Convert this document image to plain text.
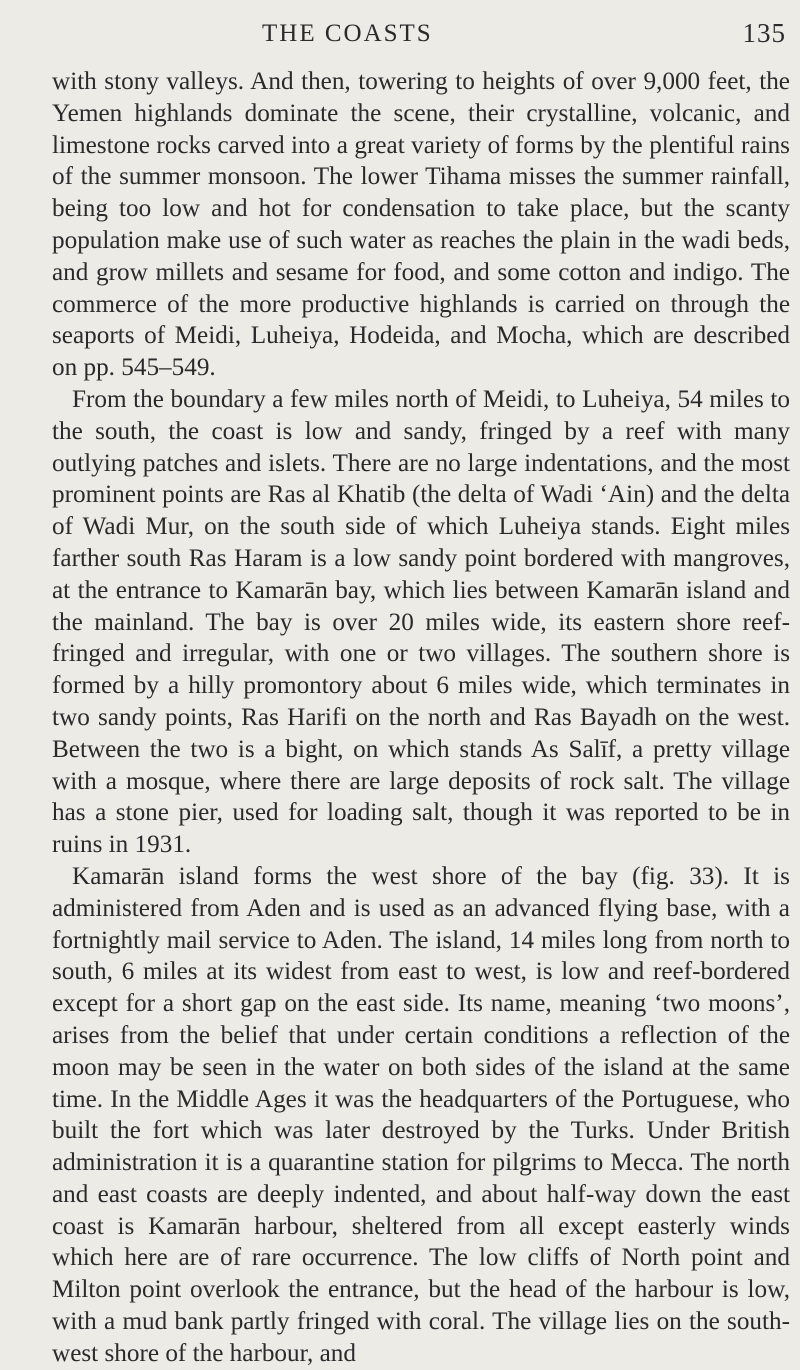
THE COASTS	135

with stony valleys. And then, towering to heights of over 9,000 feet, the Yemen highlands dominate the scene, their crystalline, volcanic, and limestone rocks carved into a great variety of forms by the plentiful rains of the summer monsoon. The lower Tihama misses the summer rainfall, being too low and hot for condensation to take place, but the scanty population make use of such water as reaches the plain in the wadi beds, and grow millets and sesame for food, and some cotton and indigo. The commerce of the more productive highlands is carried on through the seaports of Meidi, Luheiya, Hodeida, and Mocha, which are described on pp. 545–549.

From the boundary a few miles north of Meidi, to Luheiya, 54 miles to the south, the coast is low and sandy, fringed by a reef with many outlying patches and islets. There are no large indentations, and the most prominent points are Ras al Khatib (the delta of Wadi ‘Ain) and the delta of Wadi Mur, on the south side of which Luheiya stands. Eight miles farther south Ras Haram is a low sandy point bordered with mangroves, at the entrance to Kamarān bay, which lies between Kamarān island and the mainland. The bay is over 20 miles wide, its eastern shore reef-fringed and irregular, with one or two villages. The southern shore is formed by a hilly promontory about 6 miles wide, which terminates in two sandy points, Ras Harifi on the north and Ras Bayadh on the west. Between the two is a bight, on which stands As Salīf, a pretty village with a mosque, where there are large deposits of rock salt. The village has a stone pier, used for loading salt, though it was reported to be in ruins in 1931.

Kamarān island forms the west shore of the bay (fig. 33). It is administered from Aden and is used as an advanced flying base, with a fortnightly mail service to Aden. The island, 14 miles long from north to south, 6 miles at its widest from east to west, is low and reef-bordered except for a short gap on the east side. Its name, meaning ‘two moons’, arises from the belief that under certain conditions a reflection of the moon may be seen in the water on both sides of the island at the same time. In the Middle Ages it was the headquarters of the Portuguese, who built the fort which was later destroyed by the Turks. Under British administration it is a quarantine station for pilgrims to Mecca. The north and east coasts are deeply indented, and about half-way down the east coast is Kamarān harbour, sheltered from all except easterly winds which here are of rare occurrence. The low cliffs of North point and Milton point overlook the entrance, but the head of the harbour is low, with a mud bank partly fringed with coral. The village lies on the south-west shore of the harbour, and
